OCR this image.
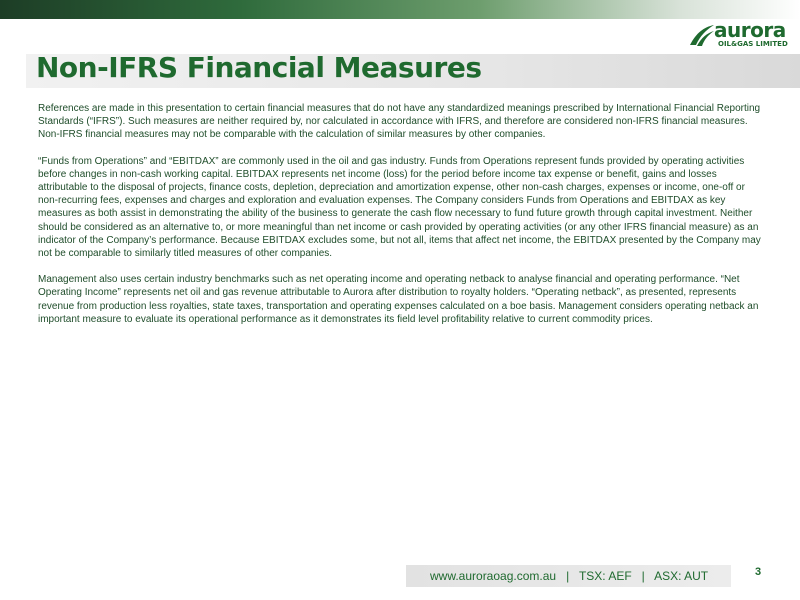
Non-IFRS Financial Measures
aurora
OIL&GAS LIMITED

References are made in this presentation to certain financial measures that do not have any standardized meanings prescribed by International Financial Reporting Standards (“IFRS”). Such measures are neither required by, nor calculated in accordance with IFRS, and therefore are considered non-IFRS financial measures. Non-IFRS financial measures may not be comparable with the calculation of similar measures by other companies.

“Funds from Operations” and “EBITDAX” are commonly used in the oil and gas industry. Funds from Operations represent funds provided by operating activities before changes in non-cash working capital. EBITDAX represents net income (loss) for the period before income tax expense or benefit, gains and losses attributable to the disposal of projects, finance costs, depletion, depreciation and amortization expense, other non-cash charges, expenses or income, one-off or non-recurring fees, expenses and charges and exploration and evaluation expenses. The Company considers Funds from Operations and EBITDAX as key measures as both assist in demonstrating the ability of the business to generate the cash flow necessary to fund future growth through capital investment. Neither should be considered as an alternative to, or more meaningful than net income or cash provided by operating activities (or any other IFRS financial measure) as an indicator of the Company’s performance. Because EBITDAX excludes some, but not all, items that affect net income, the EBITDAX presented by the Company may not be comparable to similarly titled measures of other companies.

Management also uses certain industry benchmarks such as net operating income and operating netback to analyse financial and operating performance. “Net Operating Income” represents net oil and gas revenue attributable to Aurora after distribution to royalty holders. “Operating netback”, as presented, represents revenue from production less royalties, state taxes, transportation and operating expenses calculated on a boe basis. Management considers operating netback an important measure to evaluate its operational performance as it demonstrates its field level profitability relative to current commodity prices.

www.auroraoag.com.au   |   TSX: AEF   |   ASX: AUT	3
